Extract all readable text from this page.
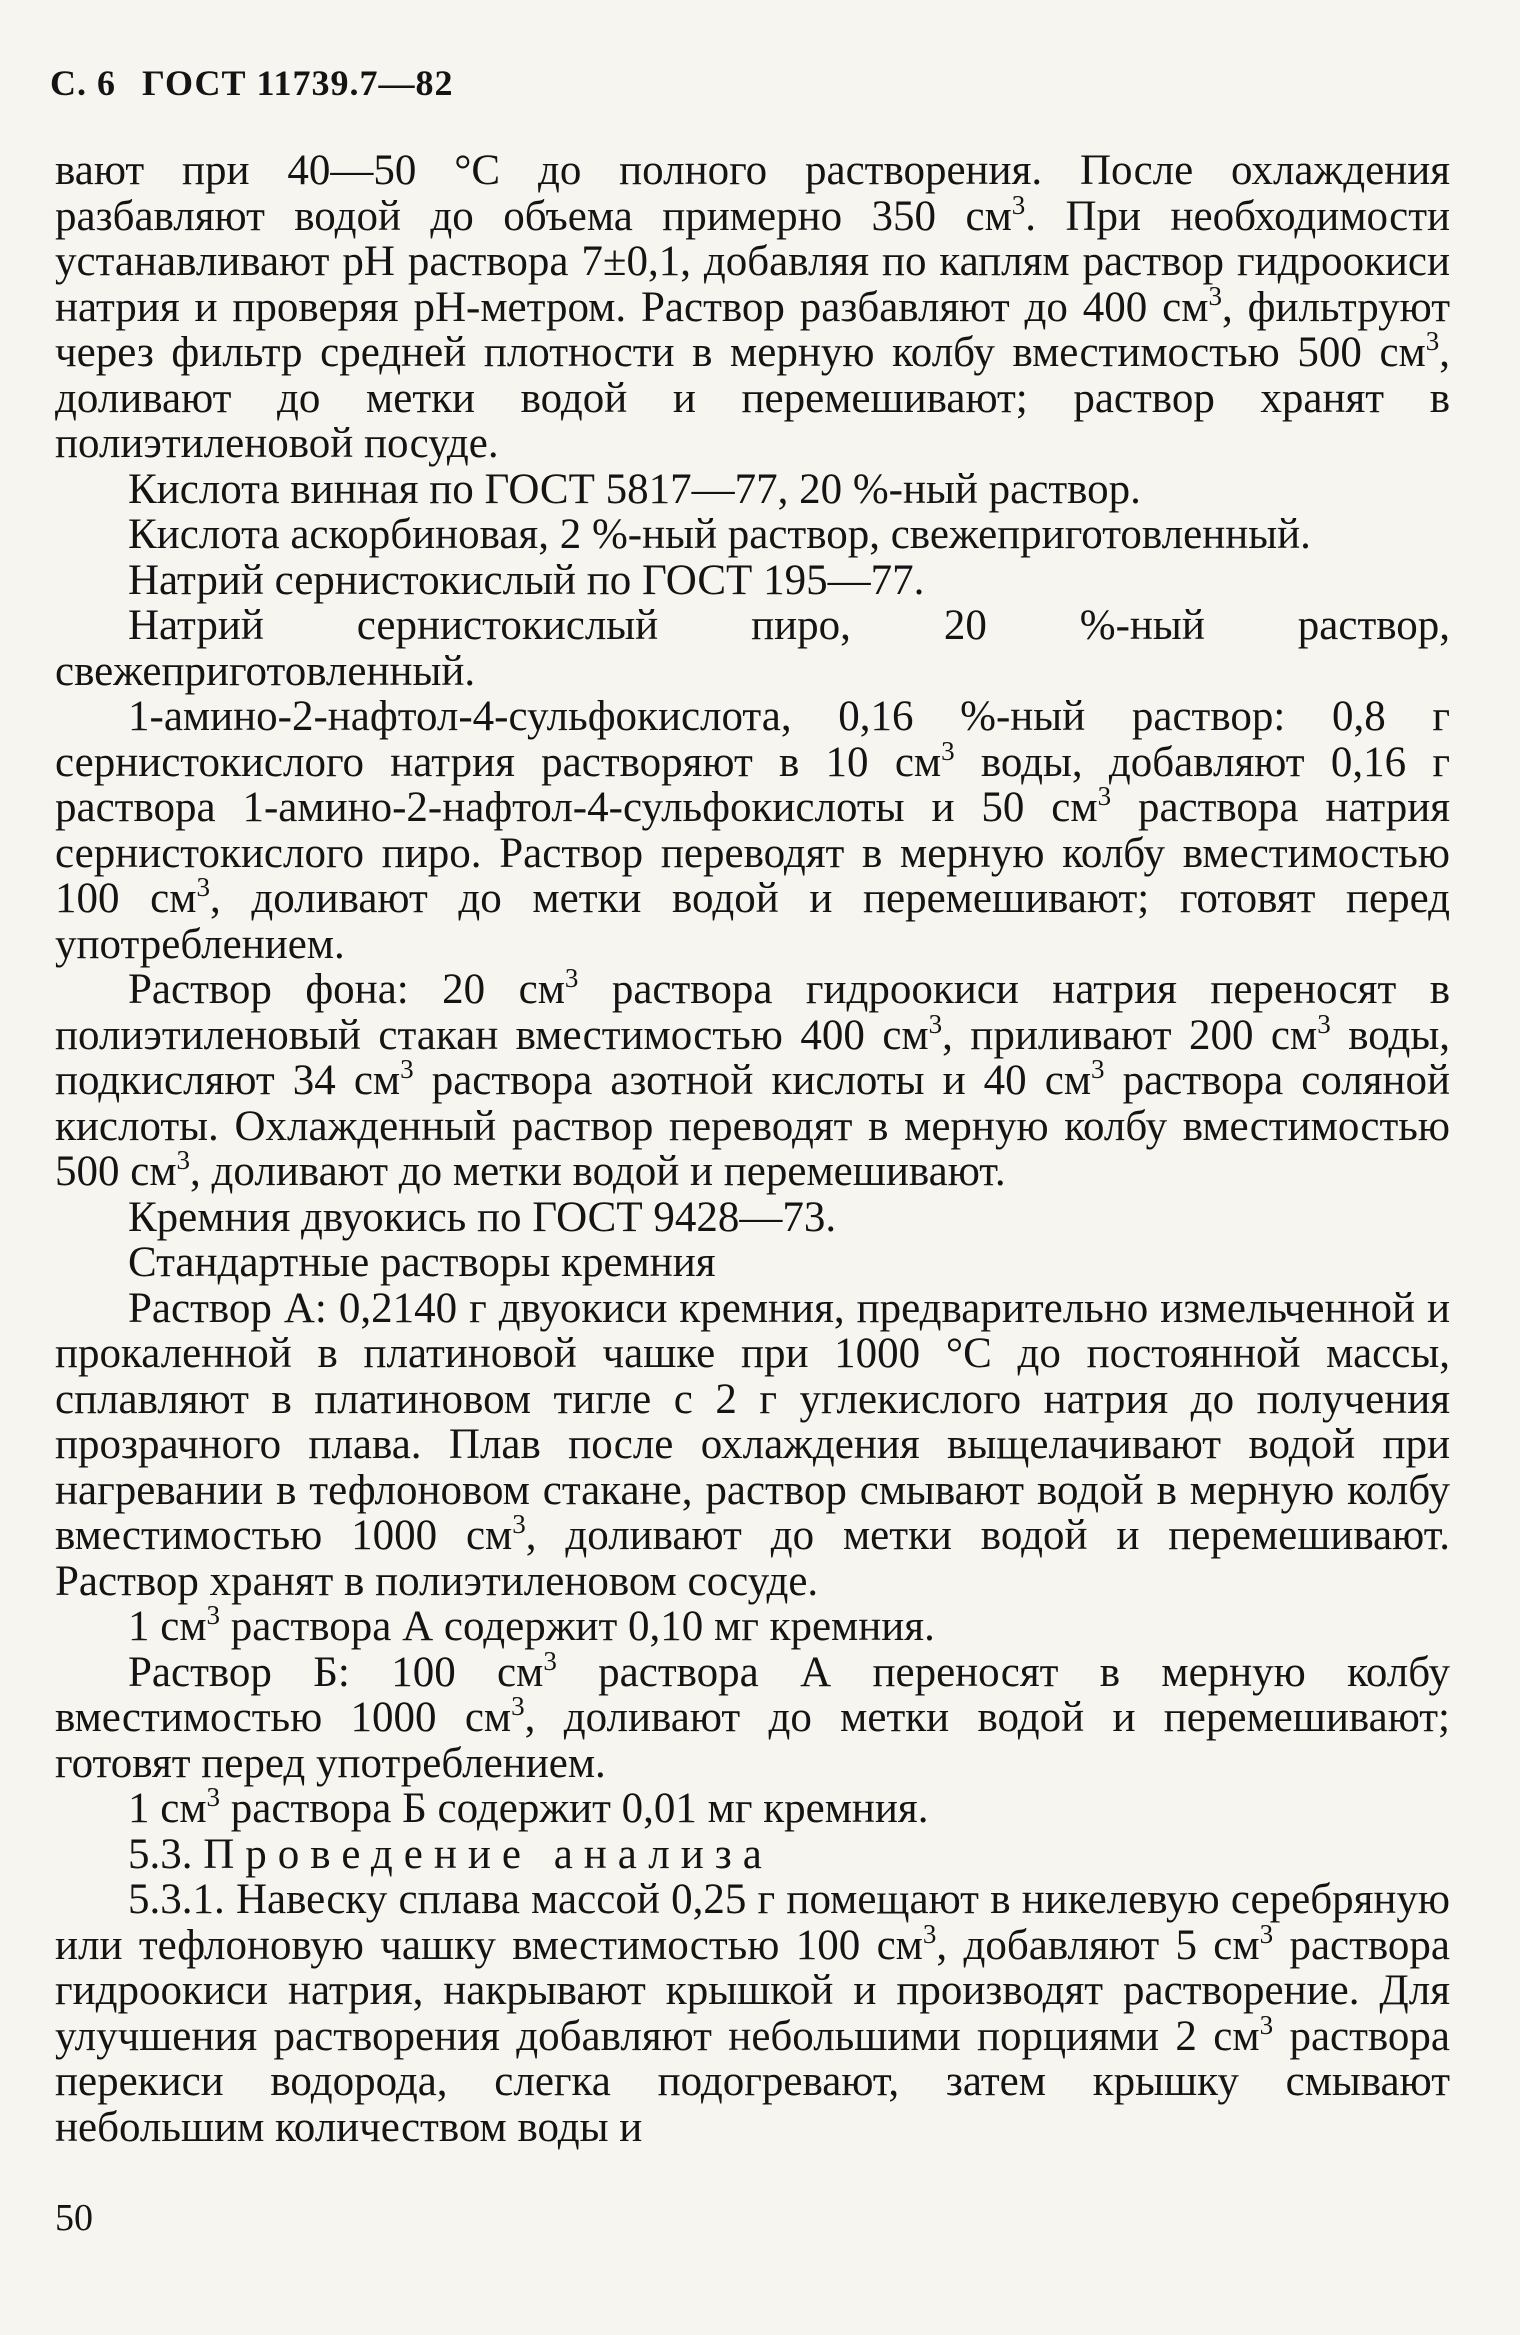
С. 6 ГОСТ 11739.7—82

вают при 40—50 °С до полного растворения. После охлаждения разбавляют водой до объема примерно 350 $см^3$. При необходимости устанавливают рН раствора 7±0,1, добавляя по каплям раствор гидроокиси натрия и проверяя рН-метром. Раствор разбавляют до 400 $см^3$, фильтруют через фильтр средней плотности в мерную колбу вместимостью 500 $см^3$, доливают до метки водой и перемешивают; раствор хранят в полиэтиленовой посуде.

Кислота винная по ГОСТ 5817—77, 20 %-ный раствор.

Кислота аскорбиновая, 2 %-ный раствор, свежеприготовленный.

Натрий сернистокислый по ГОСТ 195—77.

Натрий сернистокислый пиро, 20 %-ный раствор, свежеприготовленный.

1-амино-2-нафтол-4-сульфокислота, 0,16 %-ный раствор: 0,8 г сернистокислого натрия растворяют в 10 $см^3$ воды, добавляют 0,16 г раствора 1-амино-2-нафтол-4-сульфокислоты и 50 $см^3$ раствора натрия сернистокислого пиро. Раствор переводят в мерную колбу вместимостью 100 $см^3$, доливают до метки водой и перемешивают; готовят перед употреблением.

Раствор фона: 20 $см^3$ раствора гидроокиси натрия переносят в полиэтиленовый стакан вместимостью 400 $см^3$, приливают 200 $см^3$ воды, подкисляют 34 $см^3$ раствора азотной кислоты и 40 $см^3$ раствора соляной кислоты. Охлажденный раствор переводят в мерную колбу вместимостью 500 $см^3$, доливают до метки водой и перемешивают.

Кремния двуокись по ГОСТ 9428—73.

Стандартные растворы кремния

Раствор А: 0,2140 г двуокиси кремния, предварительно измельченной и прокаленной в платиновой чашке при 1000 °С до постоянной массы, сплавляют в платиновом тигле с 2 г углекислого натрия до получения прозрачного плава. Плав после охлаждения выщелачивают водой при нагревании в тефлоновом стакане, раствор смывают водой в мерную колбу вместимостью 1000 $см^3$, доливают до метки водой и перемешивают. Раствор хранят в полиэтиленовом сосуде.

1 $см^3$ раствора А содержит 0,10 мг кремния.

Раствор Б: 100 $см^3$ раствора А переносят в мерную колбу вместимостью 1000 $см^3$, доливают до метки водой и перемешивают; готовят перед употреблением.

1 $см^3$ раствора Б содержит 0,01 мг кремния.

5.3. Проведение анализа

5.3.1. Навеску сплава массой 0,25 г помещают в никелевую серебряную или тефлоновую чашку вместимостью 100 $см^3$, добавляют 5 $см^3$ раствора гидроокиси натрия, накрывают крышкой и производят растворение. Для улучшения растворения добавляют небольшими порциями 2 $см^3$ раствора перекиси водорода, слегка подогревают, затем крышку смывают небольшим количеством воды и

50
